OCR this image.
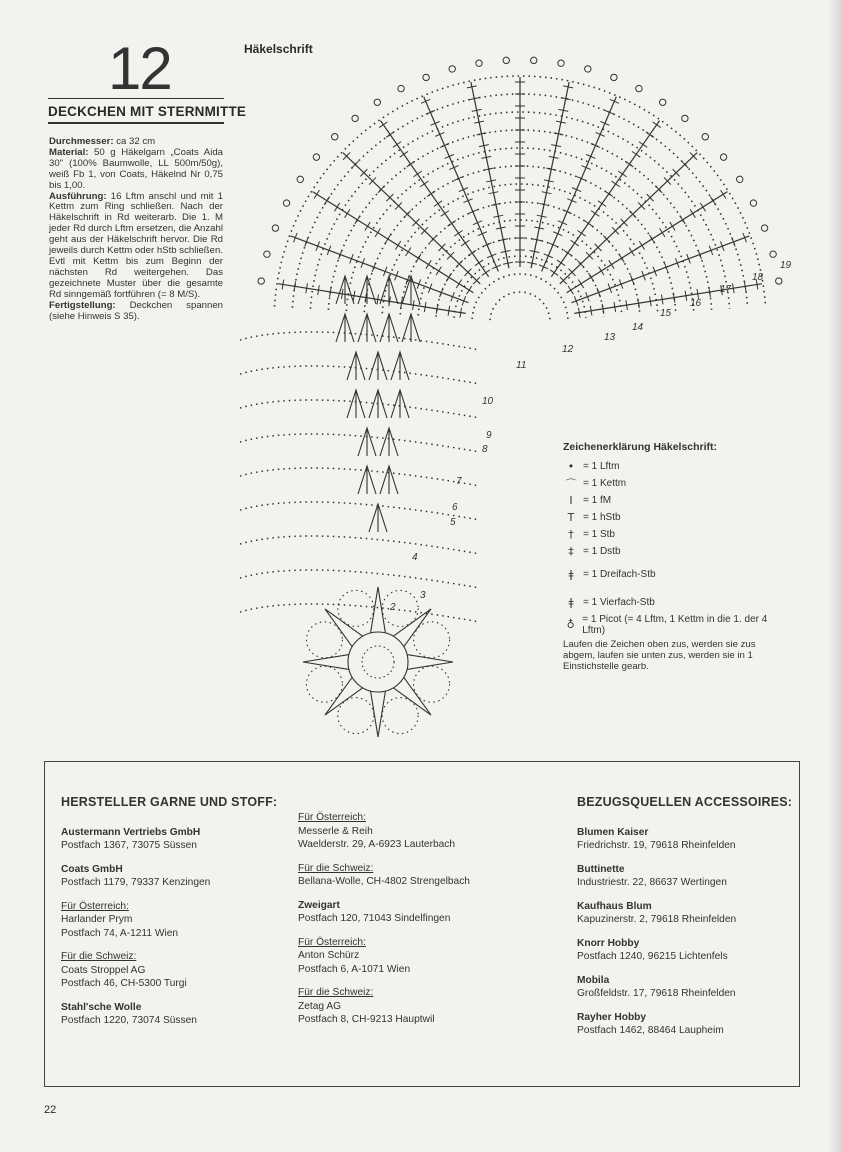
12
DECKCHEN MIT STERNMITTE

Durchmesser: ca 32 cm

Material: 50 g Häkelgarn „Coats Aida 30" (100% Baumwolle, LL 500m/50g), weiß Fb 1, von Coats, Häkelnd Nr 0,75 bis 1,00.

Ausführung: 16 Lftm anschl und mit 1 Kettm zum Ring schließen. Nach der Häkelschrift in Rd weiterarb. Die 1. M jeder Rd durch Lftm ersetzen, die Anzahl geht aus der Häkelschrift hervor. Die Rd jeweils durch Kettm oder hStb schließen. Evtl mit Kettm bis zum Beginn der nächsten Rd weitergehen. Das gezeichnete Muster über die gesamte Rd sinngemäß fortführen (= 8 M/S).

Fertigstellung: Deckchen spannen (siehe Hinweis S 35).

Häkelschrift
2
3
4
5
6
7
8
9
10
11
12
13
14
15
16
17
18
19
Zeichenerklärung Häkelschrift:
• = 1 Lftm
⌒ = 1 Kettm
I	= 1 fM
T = 1 hStb
† = 1 Stb
‡ = 1 Dstb
ǂ = 1 Dreifach-Stb
ǂ = 1 Vierfach-Stb
♁ = 1 Picot (= 4 Lftm, 1 Kettm in die 1. der 4 Lftm)
Laufen die Zeichen oben zus, werden sie zus abgem, laufen sie unten zus, werden sie in 1 Einstichstelle gearb.
HERSTELLER GARNE UND STOFF:
Austermann Vertriebs GmbH
Postfach 1367, 73075 Süssen
Coats GmbH
Postfach 1179, 79337 Kenzingen
Für Österreich:
Harlander Prym
Postfach 74, A-1211 Wien
Für die Schweiz:
Coats Stroppel AG
Postfach 46, CH-5300 Turgi
Stahl'sche Wolle
Postfach 1220, 73074 Süssen
Für Österreich:
Messerle & Reih
Waelderstr. 29, A-6923 Lauterbach
Für die Schweiz:
Bellana-Wolle, CH-4802 Strengelbach
Zweigart
Postfach 120, 71043 Sindelfingen
Für Österreich:
Anton Schürz
Postfach 6, A-1071 Wien
Für die Schweiz:
Zetag AG
Postfach 8, CH-9213 Hauptwil
BEZUGSQUELLEN ACCESSOIRES:
Blumen Kaiser
Friedrichstr. 19, 79618 Rheinfelden
Buttinette
Industriestr. 22, 86637 Wertingen
Kaufhaus Blum
Kapuzinerstr. 2, 79618 Rheinfelden
Knorr Hobby
Postfach 1240, 96215 Lichtenfels
Mobila
Großfeldstr. 17, 79618 Rheinfelden
Rayher Hobby
Postfach 1462, 88464 Laupheim
22
